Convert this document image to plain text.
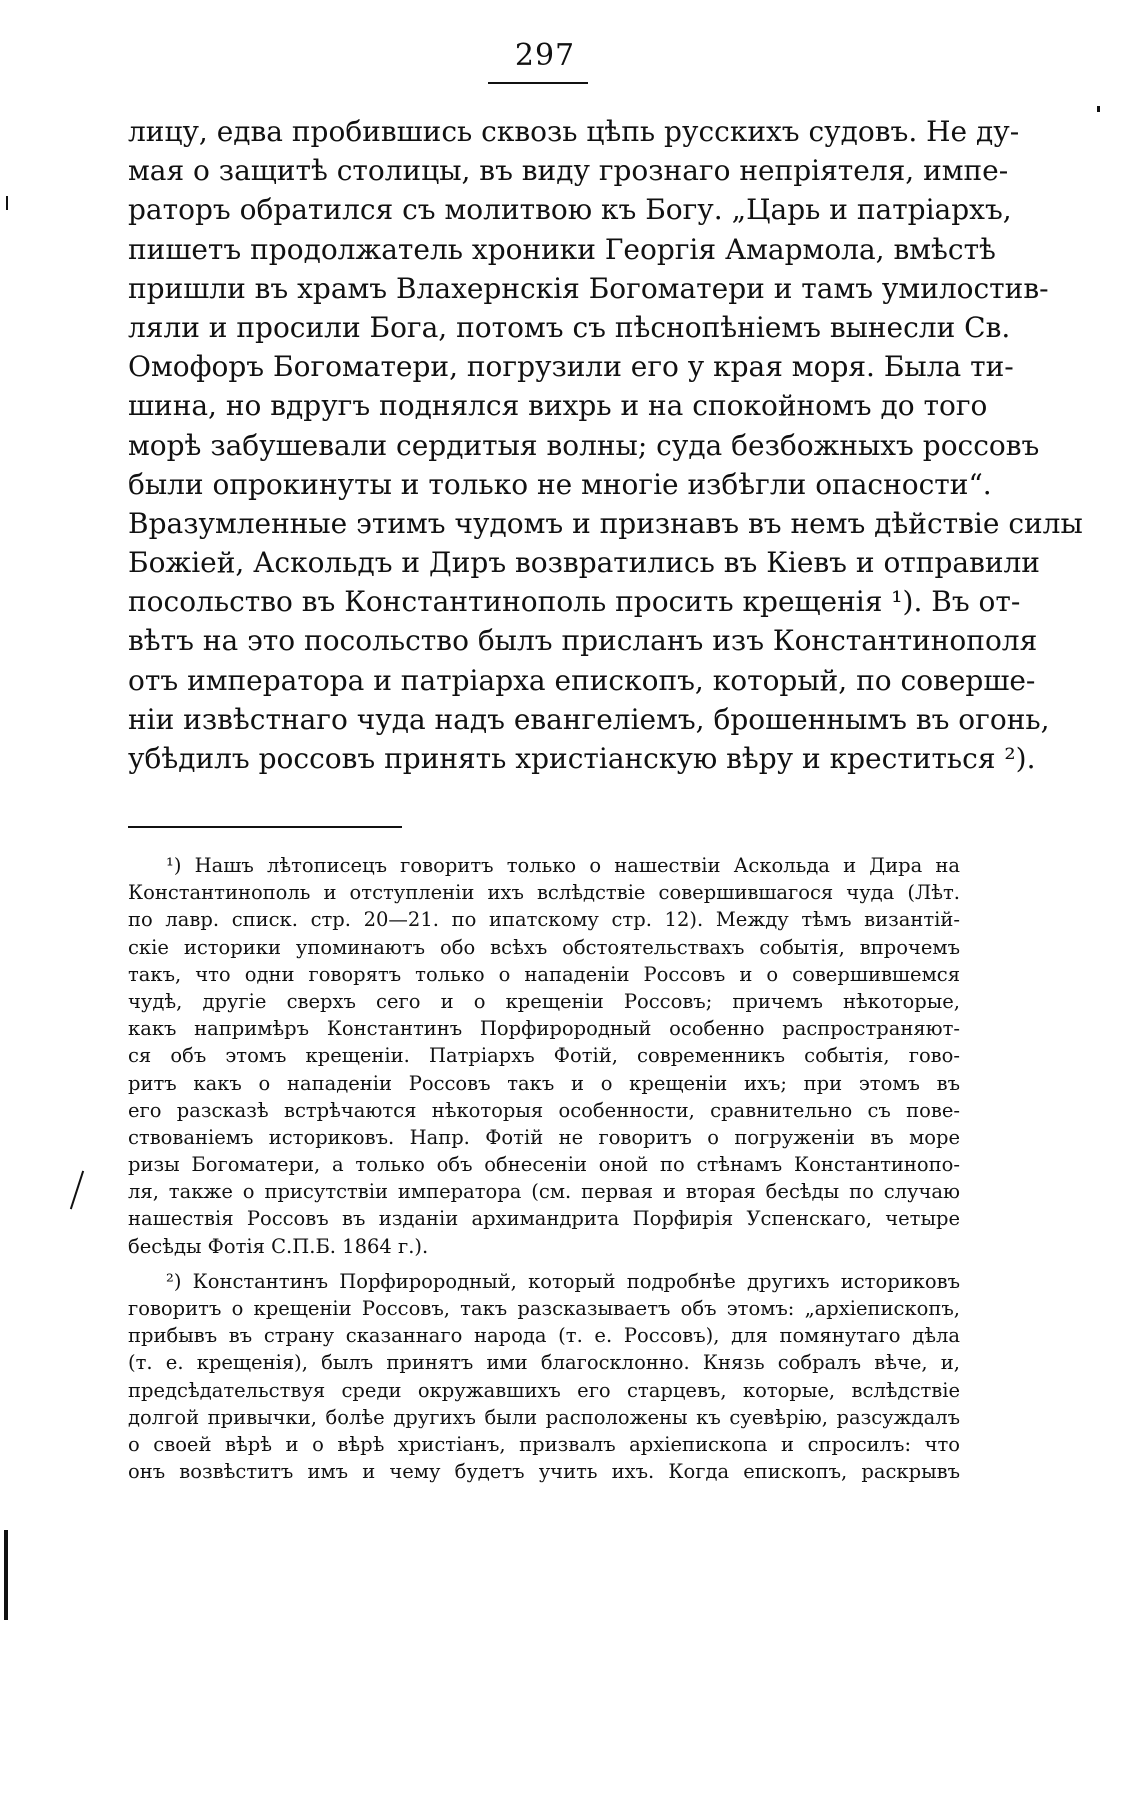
297
лицу, едва пробившись сквозь цѣпь русскихъ судовъ. Не ду-
мая о защитѣ столицы, въ виду грознаго непріятеля, импе-
раторъ обратился съ молитвою къ Богу. „Царь и патріархъ,
пишетъ продолжатель хроники Георгія Амармола, вмѣстѣ
пришли въ храмъ Влахернскія Богоматери и тамъ умилостив-
ляли и просили Бога, потомъ съ пѣснопѣніемъ вынесли Св.
Омофоръ Богоматери, погрузили его у края моря. Была ти-
шина, но вдругъ поднялся вихрь и на спокойномъ до того
морѣ забушевали сердитыя волны; суда безбожныхъ россовъ
были опрокинуты и только не многіе избѣгли опасности“.
Вразумленные этимъ чудомъ и признавъ въ немъ дѣйствіе силы
Божіей, Аскольдъ и Диръ возвратились въ Кіевъ и отправили
посольство въ Константинополь просить крещенія ¹). Въ от-
вѣтъ на это посольство былъ присланъ изъ Константинополя
отъ императора и патріарха епископъ, который, по соверше-
ніи извѣстнаго чуда надъ евангеліемъ, брошеннымъ въ огонь,
убѣдилъ россовъ принять христіанскую вѣру и креститься ²).
¹) Нашъ лѣтописецъ говоритъ только о нашествіи Аскольда и Дира на
Константинополь и отступленіи ихъ вслѣдствіе совершившагося чуда (Лѣт.
по лавр. списк. стр. 20—21. по ипатскому стр. 12). Между тѣмъ византій-
скіе историки упоминаютъ обо всѣхъ обстоятельствахъ событія, впрочемъ
такъ, что одни говорятъ только о нападеніи Россовъ и о совершившемся
чудѣ, другіе сверхъ сего и о крещеніи Россовъ; причемъ нѣкоторые,
какъ напримѣръ Константинъ Порфирородный особенно распространяют-
ся объ этомъ крещеніи. Патріархъ Фотій, современникъ событія, гово-
ритъ какъ о нападеніи Россовъ такъ и о крещеніи ихъ; при этомъ въ
его разсказѣ встрѣчаются нѣкоторыя особенности, сравнительно съ пове-
ствованіемъ историковъ. Напр. Фотій не говоритъ о погруженіи въ море
ризы Богоматери, а только объ обнесеніи оной по стѣнамъ Константинопо-
ля, также о присутствіи императора (см. первая и вторая бесѣды по случаю
нашествія Россовъ въ изданіи архимандрита Порфирія Успенскаго, четыре
бесѣды Фотія С.П.Б. 1864 г.).
²) Константинъ Порфирородный, который подробнѣе другихъ историковъ
говоритъ о крещеніи Россовъ, такъ разсказываетъ объ этомъ: „архіепископъ,
прибывъ въ страну сказаннаго народа (т. е. Россовъ), для помянутаго дѣла
(т. е. крещенія), былъ принятъ ими благосклонно. Князь собралъ вѣче, и,
предсѣдательствуя среди окружавшихъ его старцевъ, которые, вслѣдствіе
долгой привычки, болѣе другихъ были расположены къ суевѣрію, разсуждалъ
о своей вѣрѣ и о вѣрѣ христіанъ, призвалъ архіепископа и спросилъ: что
онъ возвѣститъ имъ и чему будетъ учить ихъ. Когда епископъ, раскрывъ
